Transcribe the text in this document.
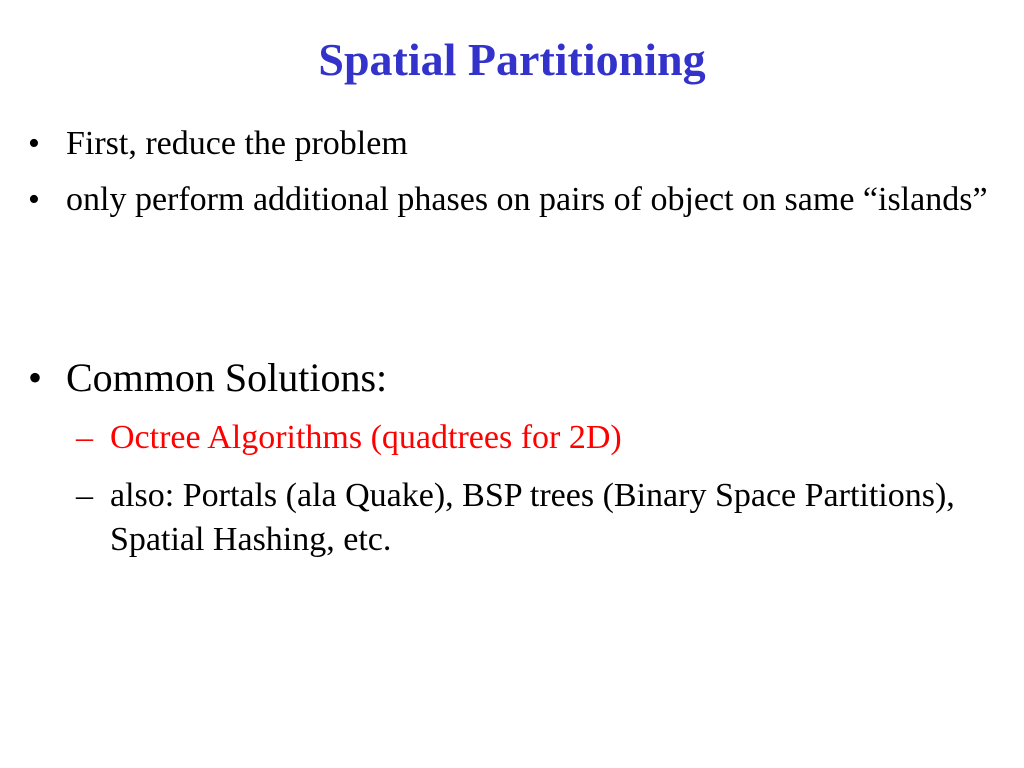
Spatial Partitioning
• First, reduce the problem
• only perform additional phases on pairs of object on same “islands”
• Common Solutions:
– Octree Algorithms (quadtrees for 2D)
– also: Portals (ala Quake), BSP trees (Binary Space Partitions), Spatial Hashing, etc.
